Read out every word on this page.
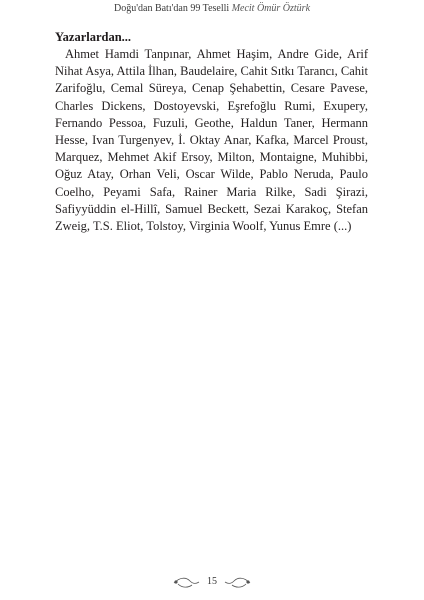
Doğu'dan Batı'dan 99 Teselli Mecit Ömür Öztürk
Yazarlardan...

Ahmet Hamdi Tanpınar, Ahmet Haşim, Andre Gide, Arif Nihat Asya, Attila İlhan, Baudelaire, Cahit Sıtkı Tarancı, Cahit Zarifoğlu, Cemal Süreya, Cenap Şehabettin, Cesare Pavese, Charles Dickens, Dostoyevski, Eşrefoğlu Rumi, Exupery, Fernando Pessoa, Fuzuli, Geothe, Haldun Taner, Hermann Hesse, Ivan Turgenyev, İ. Oktay Anar, Kafka, Marcel Proust, Marquez, Mehmet Akif Ersoy, Milton, Montaigne, Muhibbi, Oğuz Atay, Orhan Veli, Oscar Wilde, Pablo Neruda, Paulo Coelho, Peyami Safa, Rainer Maria Rilke, Sadi Şirazi, Safiyyüddin el-Hillî, Samuel Beckett, Sezai Karakoç, Stefan Zweig, T.S. Eliot, Tolstoy, Virginia Woolf, Yunus Emre (...)

15
